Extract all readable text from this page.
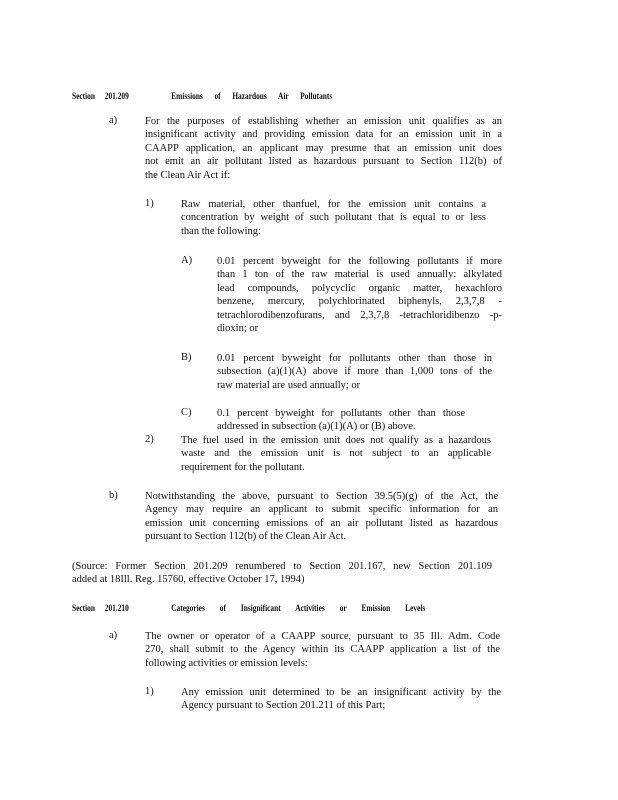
Section 201.209	Emissions of Hazardous Air Pollutants
a)	For the purposes of establishing whether an emission unit qualifies as an
insignificant activity and providing emission data for an emission unit in a
CAAPP application, an applicant may presume that an emission unit does
not emit an air pollutant listed as hazardous pursuant to Section 112(b) of
the Clean Air Act if:
1)	Raw material, other thanfuel, for the emission unit contains a
concentration by weight of such pollutant that is equal to or less
than the following:
A) 0.01 percent byweight for the following pollutants if more
than 1 ton of the raw material is used annually: alkylated
lead compounds, polycyclic organic matter, hexachloro
benzene, mercury, polychlorinated biphenyls, 2,3,7,8 -
tetrachlorodibenzofurans, and 2,3,7,8 -tetrachloridibenzo -p-
dioxin; or
B) 0.01 percent byweight for pollutants other than those in
subsection (a)(1)(A) above if more than 1,000 tons of the
raw material are used annually; or
C) 0.1 percent byweight for pollutants other than those
addressed in subsection (a)(1)(A) or (B) above.
2)	The fuel used in the emission unit does not qualify as a hazardous
waste and the emission unit is not subject to an applicable
requirement for the pollutant.
b)	Notwithstanding the above, pursuant to Section 39.5(5)(g) of the Act, the
Agency may require an applicant to submit specific information for an
emission unit concerning emissions of an air pollutant listed as hazardous
pursuant to Section 112(b) of the Clean Air Act.
(Source: Former Section 201.209 renumbered to Section 201.167, new Section 201.109
added at 18Ill. Reg. 15760, effective October 17, 1994)
Section 201.210	Categories of Insignificant Activities or Emission Levels
a)	The owner or operator of a CAAPP source, pursuant to 35 Ill. Adm. Code
270, shall submit to the Agency within its CAAPP application a list of the
following activities or emission levels:
1)	Any emission unit determined to be an insignificant activity by the
Agency pursuant to Section 201.211 of this Part;
